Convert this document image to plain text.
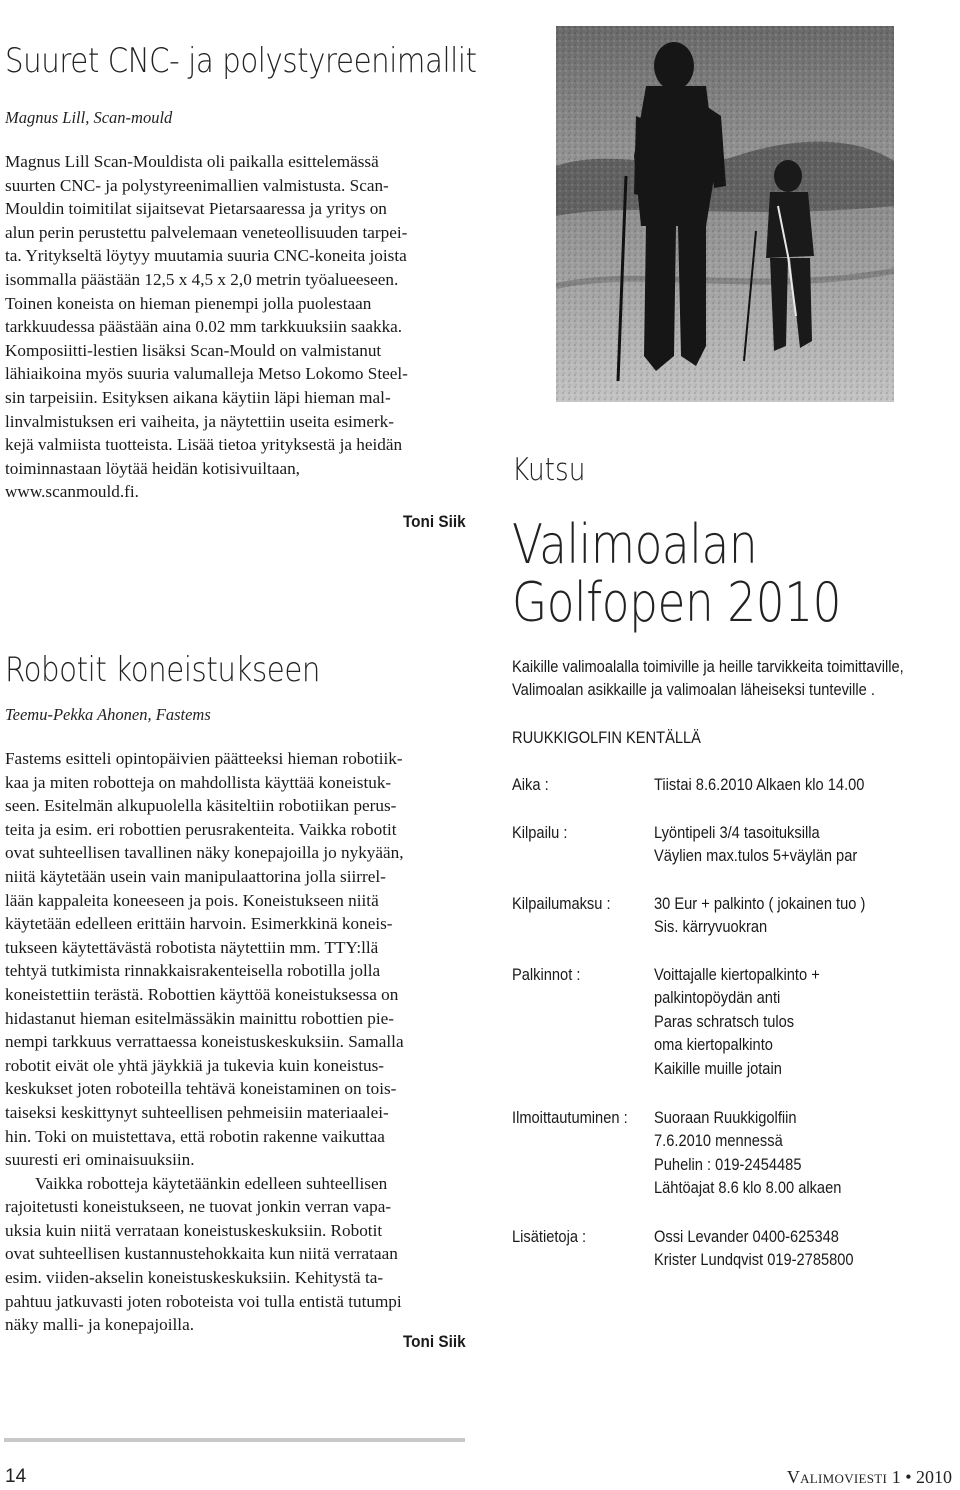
Suuret CNC- ja polystyreenimallit
Magnus Lill, Scan-mould
Magnus Lill Scan-Mouldista oli paikalla esittelemässä
suurten CNC- ja polystyreenimallien valmistusta. Scan-
Mouldin toimitilat sijaitsevat Pietarsaaressa ja yritys on
alun perin perustettu palvelemaan veneteollisuuden tarpei-
ta. Yritykseltä löytyy muutamia suuria CNC-koneita joista
isommalla päästään 12,5 x 4,5 x 2,0 metrin työalueeseen.
Toinen koneista on hieman pienempi jolla puolestaan
tarkkuudessa päästään aina 0.02 mm tarkkuuksiin saakka.
Komposiitti-lestien lisäksi Scan-Mould on valmistanut
lähiaikoina myös suuria valumalleja Metso Lokomo Steel-
sin tarpeisiin. Esityksen aikana käytiin läpi hieman mal-
linvalmistuksen eri vaiheita, ja näytettiin useita esimerk-
kejä valmiista tuotteista. Lisää tietoa yrityksestä ja heidän
toiminnastaan löytää heidän kotisivuiltaan,
www.scanmould.fi.
Toni Siik
Robotit koneistukseen
Teemu-Pekka Ahonen, Fastems
Fastems esitteli opintopäivien päätteeksi hieman robotiik-
kaa ja miten robotteja on mahdollista käyttää koneistuk-
seen. Esitelmän alkupuolella käsiteltiin robotiikan perus-
teita ja esim. eri robottien perusrakenteita. Vaikka robotit
ovat suhteellisen tavallinen näky konepajoilla jo nykyään,
niitä käytetään usein vain manipulaattorina jolla siirrel-
lään kappaleita koneeseen ja pois. Koneistukseen niitä
käytetään edelleen erittäin harvoin. Esimerkkinä koneis-
tukseen käytettävästä robotista näytettiin mm. TTY:llä
tehtyä tutkimista rinnakkaisrakenteisella robotilla jolla
koneistettiin terästä. Robottien käyttöä koneistuksessa on
hidastanut hieman esitelmässäkin mainittu robottien pie-
nempi tarkkuus verrattaessa koneistuskeskuksiin. Samalla
robotit eivät ole yhtä jäykkiä ja tukevia kuin koneistus-
keskukset joten roboteilla tehtävä koneistaminen on tois-
taiseksi keskittynyt suhteellisen pehmeisiin materiaalei-
hin. Toki on muistettava, että robotin rakenne vaikuttaa
suuresti eri ominaisuuksiin.
Vaikka robotteja käytetäänkin edelleen suhteellisen
rajoitetusti koneistukseen, ne tuovat jonkin verran vapa-
uksia kuin niitä verrataan koneistuskeskuksiin. Robotit
ovat suhteellisen kustannustehokkaita kun niitä verrataan
esim. viiden-akselin koneistuskeskuksiin. Kehitystä ta-
pahtuu jatkuvasti joten roboteista voi tulla entistä tutumpi
näky malli- ja konepajoilla.
Toni Siik
Kutsu
Valimoalan
Golfopen 2010
Kaikille valimoalalla toimiville ja heille tarvikkeita toimittaville,
Valimoalan asikkaille ja valimoalan läheiseksi tunteville .
RUUKKIGOLFIN KENTÄLLÄ
Aika :	Tiistai 8.6.2010 Alkaen klo 14.00
Kilpailu :	Lyöntipeli 3/4 tasoituksilla
Väylien max.tulos 5+väylän par
Kilpailumaksu :	30 Eur + palkinto ( jokainen tuo )
Sis. kärryvuokran
Palkinnot :	Voittajalle kiertopalkinto +
palkintopöydän anti
Paras schratsch tulos
oma kiertopalkinto
Kaikille muille jotain
Ilmoittautuminen : Suoraan Ruukkigolfiin
7.6.2010 mennessä
Puhelin : 019-2454485
Lähtöajat 8.6 klo 8.00 alkaen
Lisätietoja :	Ossi Levander 0400-625348
Krister Lundqvist 019-2785800
14	Valimoviesti 1 • 2010
